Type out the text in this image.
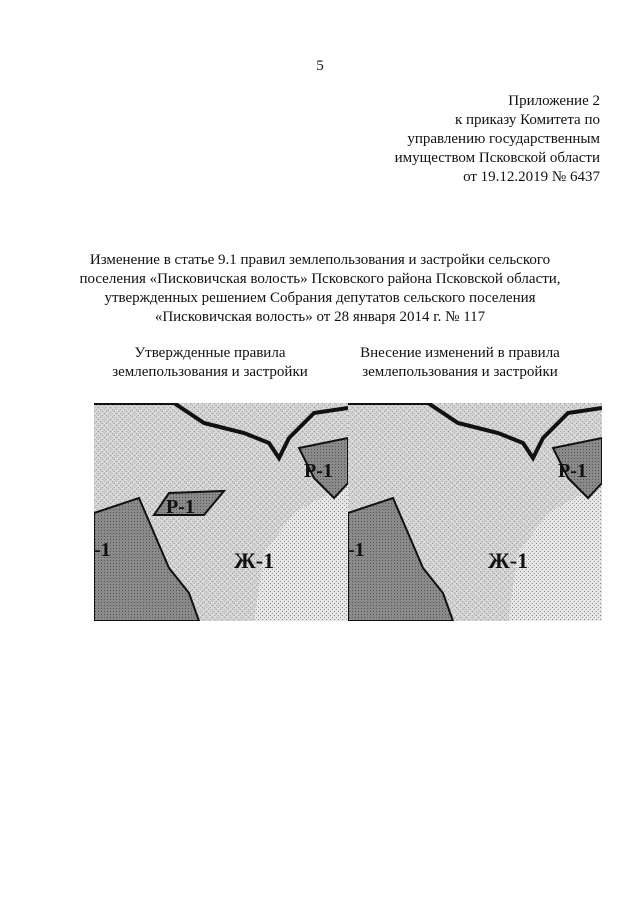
5
Приложение 2
к приказу Комитета по
управлению государственным
имуществом Псковской области
от 19.12.2019 № 6437
Изменение в статье 9.1 правил землепользования и застройки сельского
поселения «Писковичская волость» Псковского района Псковской области,
утвержденных решением Собрания депутатов сельского поселения
«Писковичская волость» от 28 января 2014 г. № 117
Утвержденные правила
землепользования и застройки
Внесение изменений в правила
землепользования и застройки
Р-1
Р-1
-1	Ж-1
Р-1
-1	Ж-1
